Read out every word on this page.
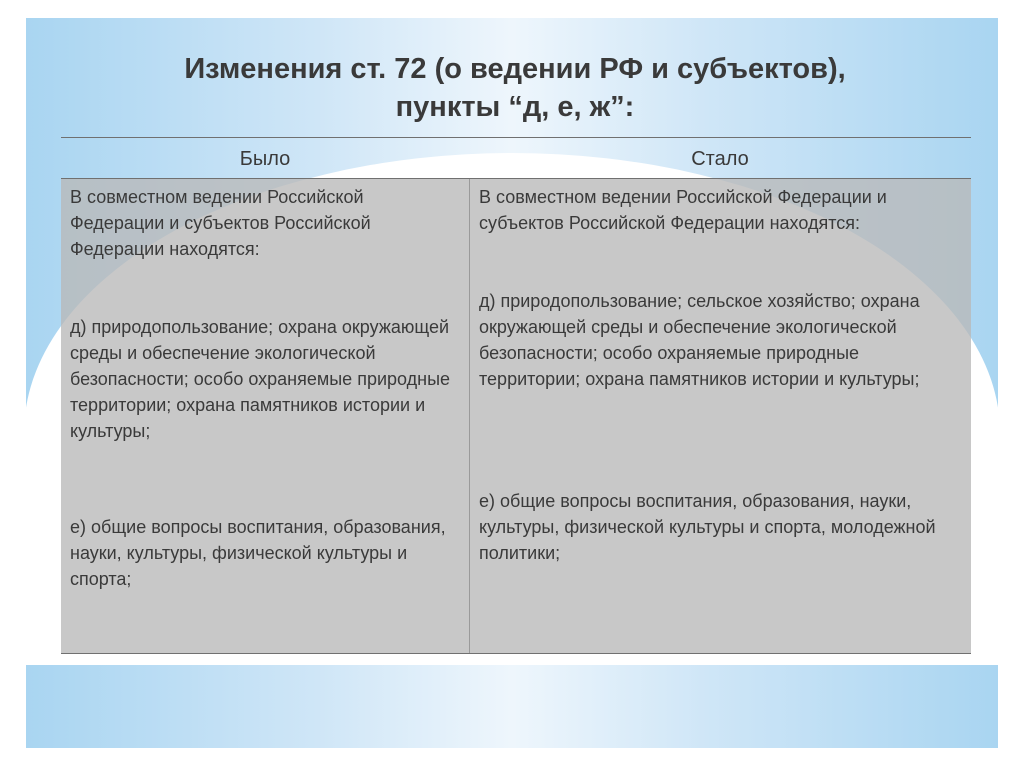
Изменения ст. 72 (о ведении РФ и субъектов),
пункты “д, е, ж”:
Было	Стало

В совместном ведении Российской Федерации и субъектов Российской Федерации находятся:

д) природопользование; охрана окружающей среды и обеспечение экологической безопасности; особо охраняемые природные территории; охрана памятников истории и культуры;

е) общие вопросы воспитания, образования, науки, культуры, физической культуры и спорта;

В совместном ведении Российской Федерации и субъектов Российской Федерации находятся:

д) природопользование; сельское хозяйство; охрана окружающей среды и обеспечение экологической безопасности; особо охраняемые природные территории; охрана памятников истории и культуры;

е) общие вопросы воспитания, образования, науки, культуры, физической культуры и спорта, молодежной политики;
